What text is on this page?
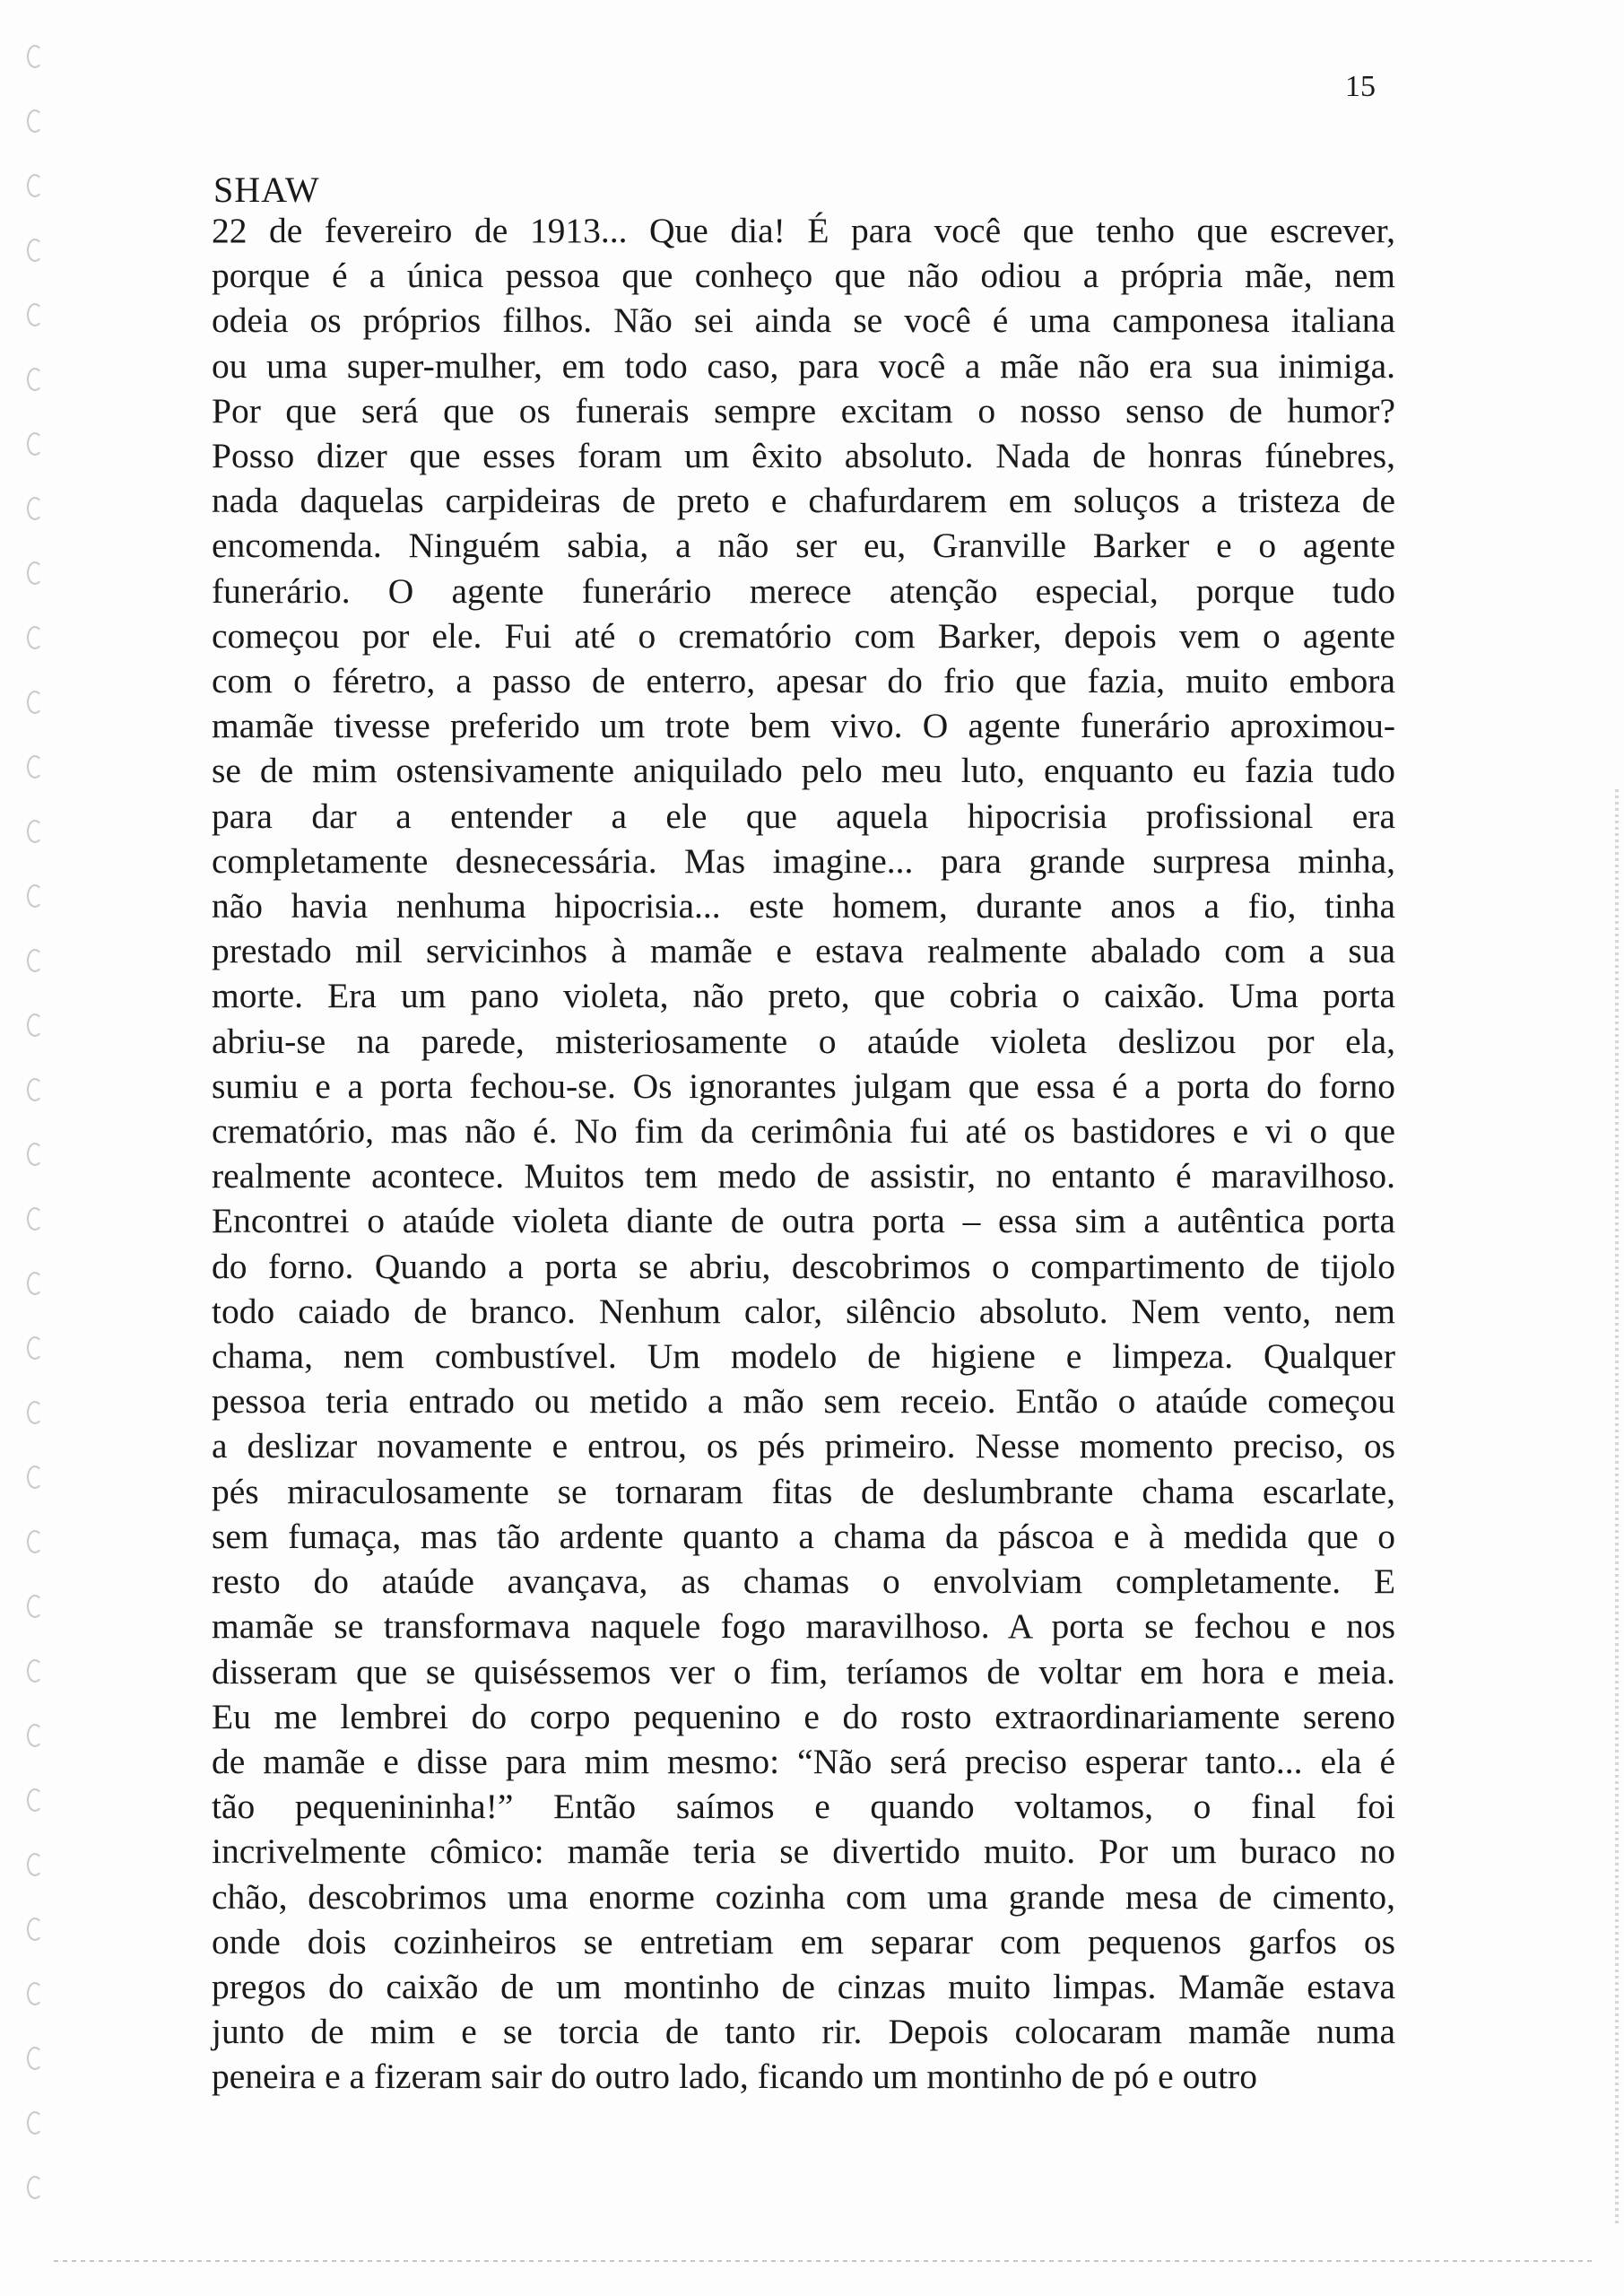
15
SHAW
22 de fevereiro de 1913... Que dia! É para você que tenho que escrever,
porque é a única pessoa que conheço que não odiou a própria mãe, nem
odeia os próprios filhos. Não sei ainda se você é uma camponesa italiana
ou uma super-mulher, em todo caso, para você a mãe não era sua inimiga.
Por que será que os funerais sempre excitam o nosso senso de humor?
Posso dizer que esses foram um êxito absoluto. Nada de honras fúnebres,
nada daquelas carpideiras de preto e chafurdarem em soluços a tristeza de
encomenda. Ninguém sabia, a não ser eu, Granville Barker e o agente
funerário. O agente funerário merece atenção especial, porque tudo
começou por ele. Fui até o crematório com Barker, depois vem o agente
com o féretro, a passo de enterro, apesar do frio que fazia, muito embora
mamãe tivesse preferido um trote bem vivo. O agente funerário aproximou-
se de mim ostensivamente aniquilado pelo meu luto, enquanto eu fazia tudo
para dar a entender a ele que aquela hipocrisia profissional era
completamente desnecessária. Mas imagine... para grande surpresa minha,
não havia nenhuma hipocrisia... este homem, durante anos a fio, tinha
prestado mil servicinhos à mamãe e estava realmente abalado com a sua
morte. Era um pano violeta, não preto, que cobria o caixão. Uma porta
abriu-se na parede, misteriosamente o ataúde violeta deslizou por ela,
sumiu e a porta fechou-se. Os ignorantes julgam que essa é a porta do forno
crematório, mas não é. No fim da cerimônia fui até os bastidores e vi o que
realmente acontece. Muitos tem medo de assistir, no entanto é maravilhoso.
Encontrei o ataúde violeta diante de outra porta – essa sim a autêntica porta
do forno. Quando a porta se abriu, descobrimos o compartimento de tijolo
todo caiado de branco. Nenhum calor, silêncio absoluto. Nem vento, nem
chama, nem combustível. Um modelo de higiene e limpeza. Qualquer
pessoa teria entrado ou metido a mão sem receio. Então o ataúde começou
a deslizar novamente e entrou, os pés primeiro. Nesse momento preciso, os
pés miraculosamente se tornaram fitas de deslumbrante chama escarlate,
sem fumaça, mas tão ardente quanto a chama da páscoa e à medida que o
resto do ataúde avançava, as chamas o envolviam completamente. E
mamãe se transformava naquele fogo maravilhoso. A porta se fechou e nos
disseram que se quiséssemos ver o fim, teríamos de voltar em hora e meia.
Eu me lembrei do corpo pequenino e do rosto extraordinariamente sereno
de mamãe e disse para mim mesmo: “Não será preciso esperar tanto... ela é
tão pequenininha!” Então saímos e quando voltamos, o final foi
incrivelmente cômico: mamãe teria se divertido muito. Por um buraco no
chão, descobrimos uma enorme cozinha com uma grande mesa de cimento,
onde dois cozinheiros se entretiam em separar com pequenos garfos os
pregos do caixão de um montinho de cinzas muito limpas. Mamãe estava
junto de mim e se torcia de tanto rir. Depois colocaram mamãe numa
peneira e a fizeram sair do outro lado, ficando um montinho de pó e outro
